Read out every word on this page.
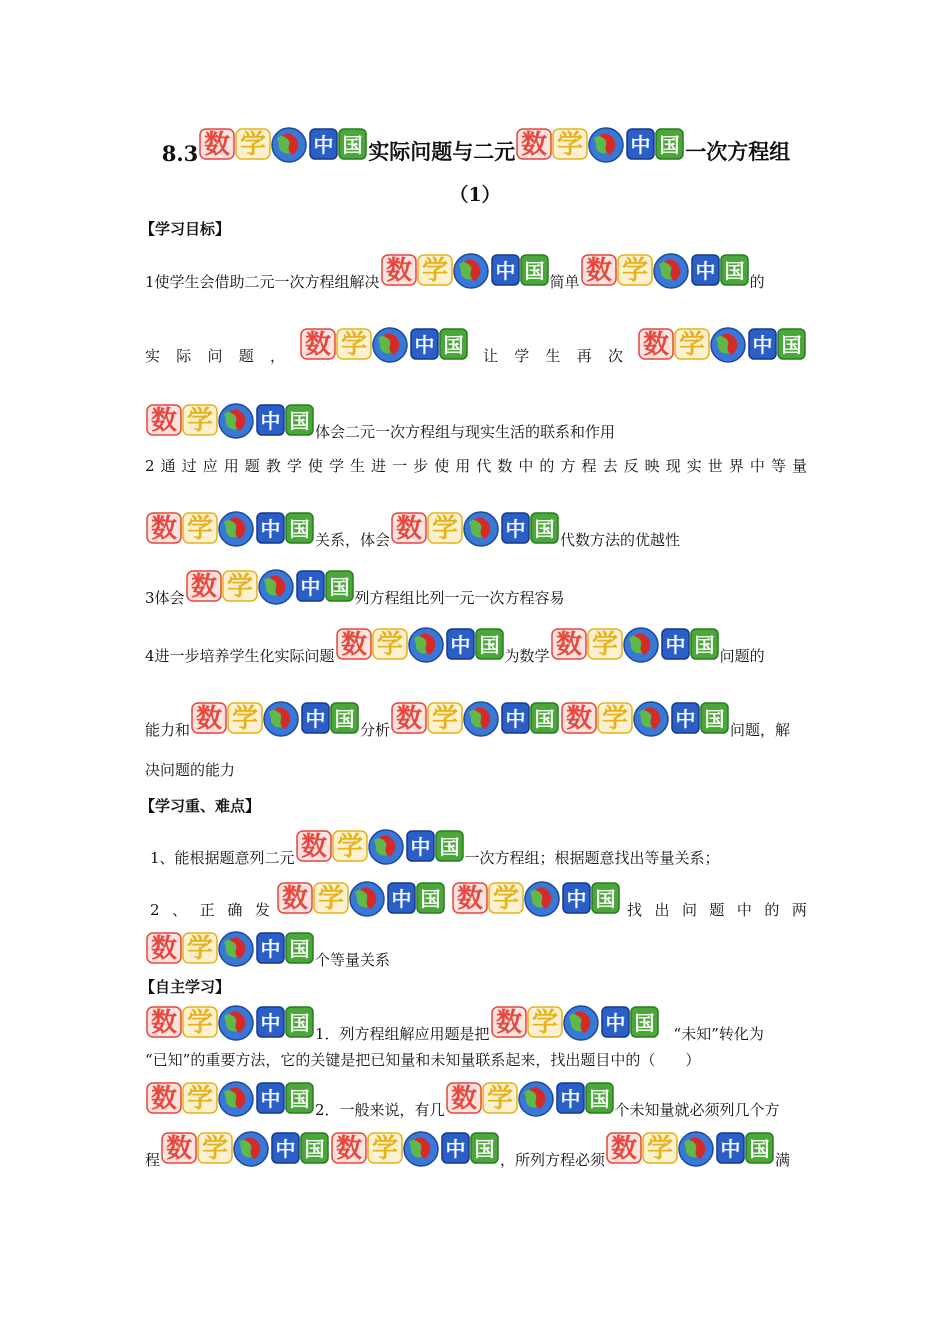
8.3 数 学 中 国 实际问题与二元 数 学 中 国 一次方程组
（1）
【学习目标】
1使学生会借助二元一次方程组解决 数 学 中 国 简单 数 学 中 国 的
实 际 问 题 ， 数 学 中 国 让 学 生 再 次 数 学 中 国
数 学 中 国 体会二元一次方程组与现实生活的联系和作用
2 通 过 应 用 题 教 学 使 学 生 进 一 步 使 用 代 数 中 的 方 程 去 反 映 现 实 世 界 中 等 量
数 学 中 国 关系，体会 数 学 中 国 代数方法的优越性
3体会 数 学 中 国 列方程组比列一元一次方程容易
4进一步培养学生化实际问题 数 学 中 国 为数学 数 学 中 国 问题的
能力和 数 学 中 国 分析 数 学 中 国 数 学 中 国 问题，解
决问题的能力
【学习重、难点】
1、能根据题意列二元 数 学 中 国 一次方程组；根据题意找出等量关系；
2 、 正 确 发 数 学 中 国 数 学 中 国 找 出 问 题 中 的 两
数 学 中 国 个等量关系
【自主学习】
数 学 中 国 1．列方程组解应用题是把 数 学 中 国 “未知”转化为
“已知”的重要方法，它的关键是把已知量和未知量联系起来，找出题目中的（　　）
数 学 中 国 2．一般来说，有几 数 学 中 国 个未知量就必须列几个方
程 数 学 中 国 数 学 中 国 ，所列方程必须 数 学 中 国 满
